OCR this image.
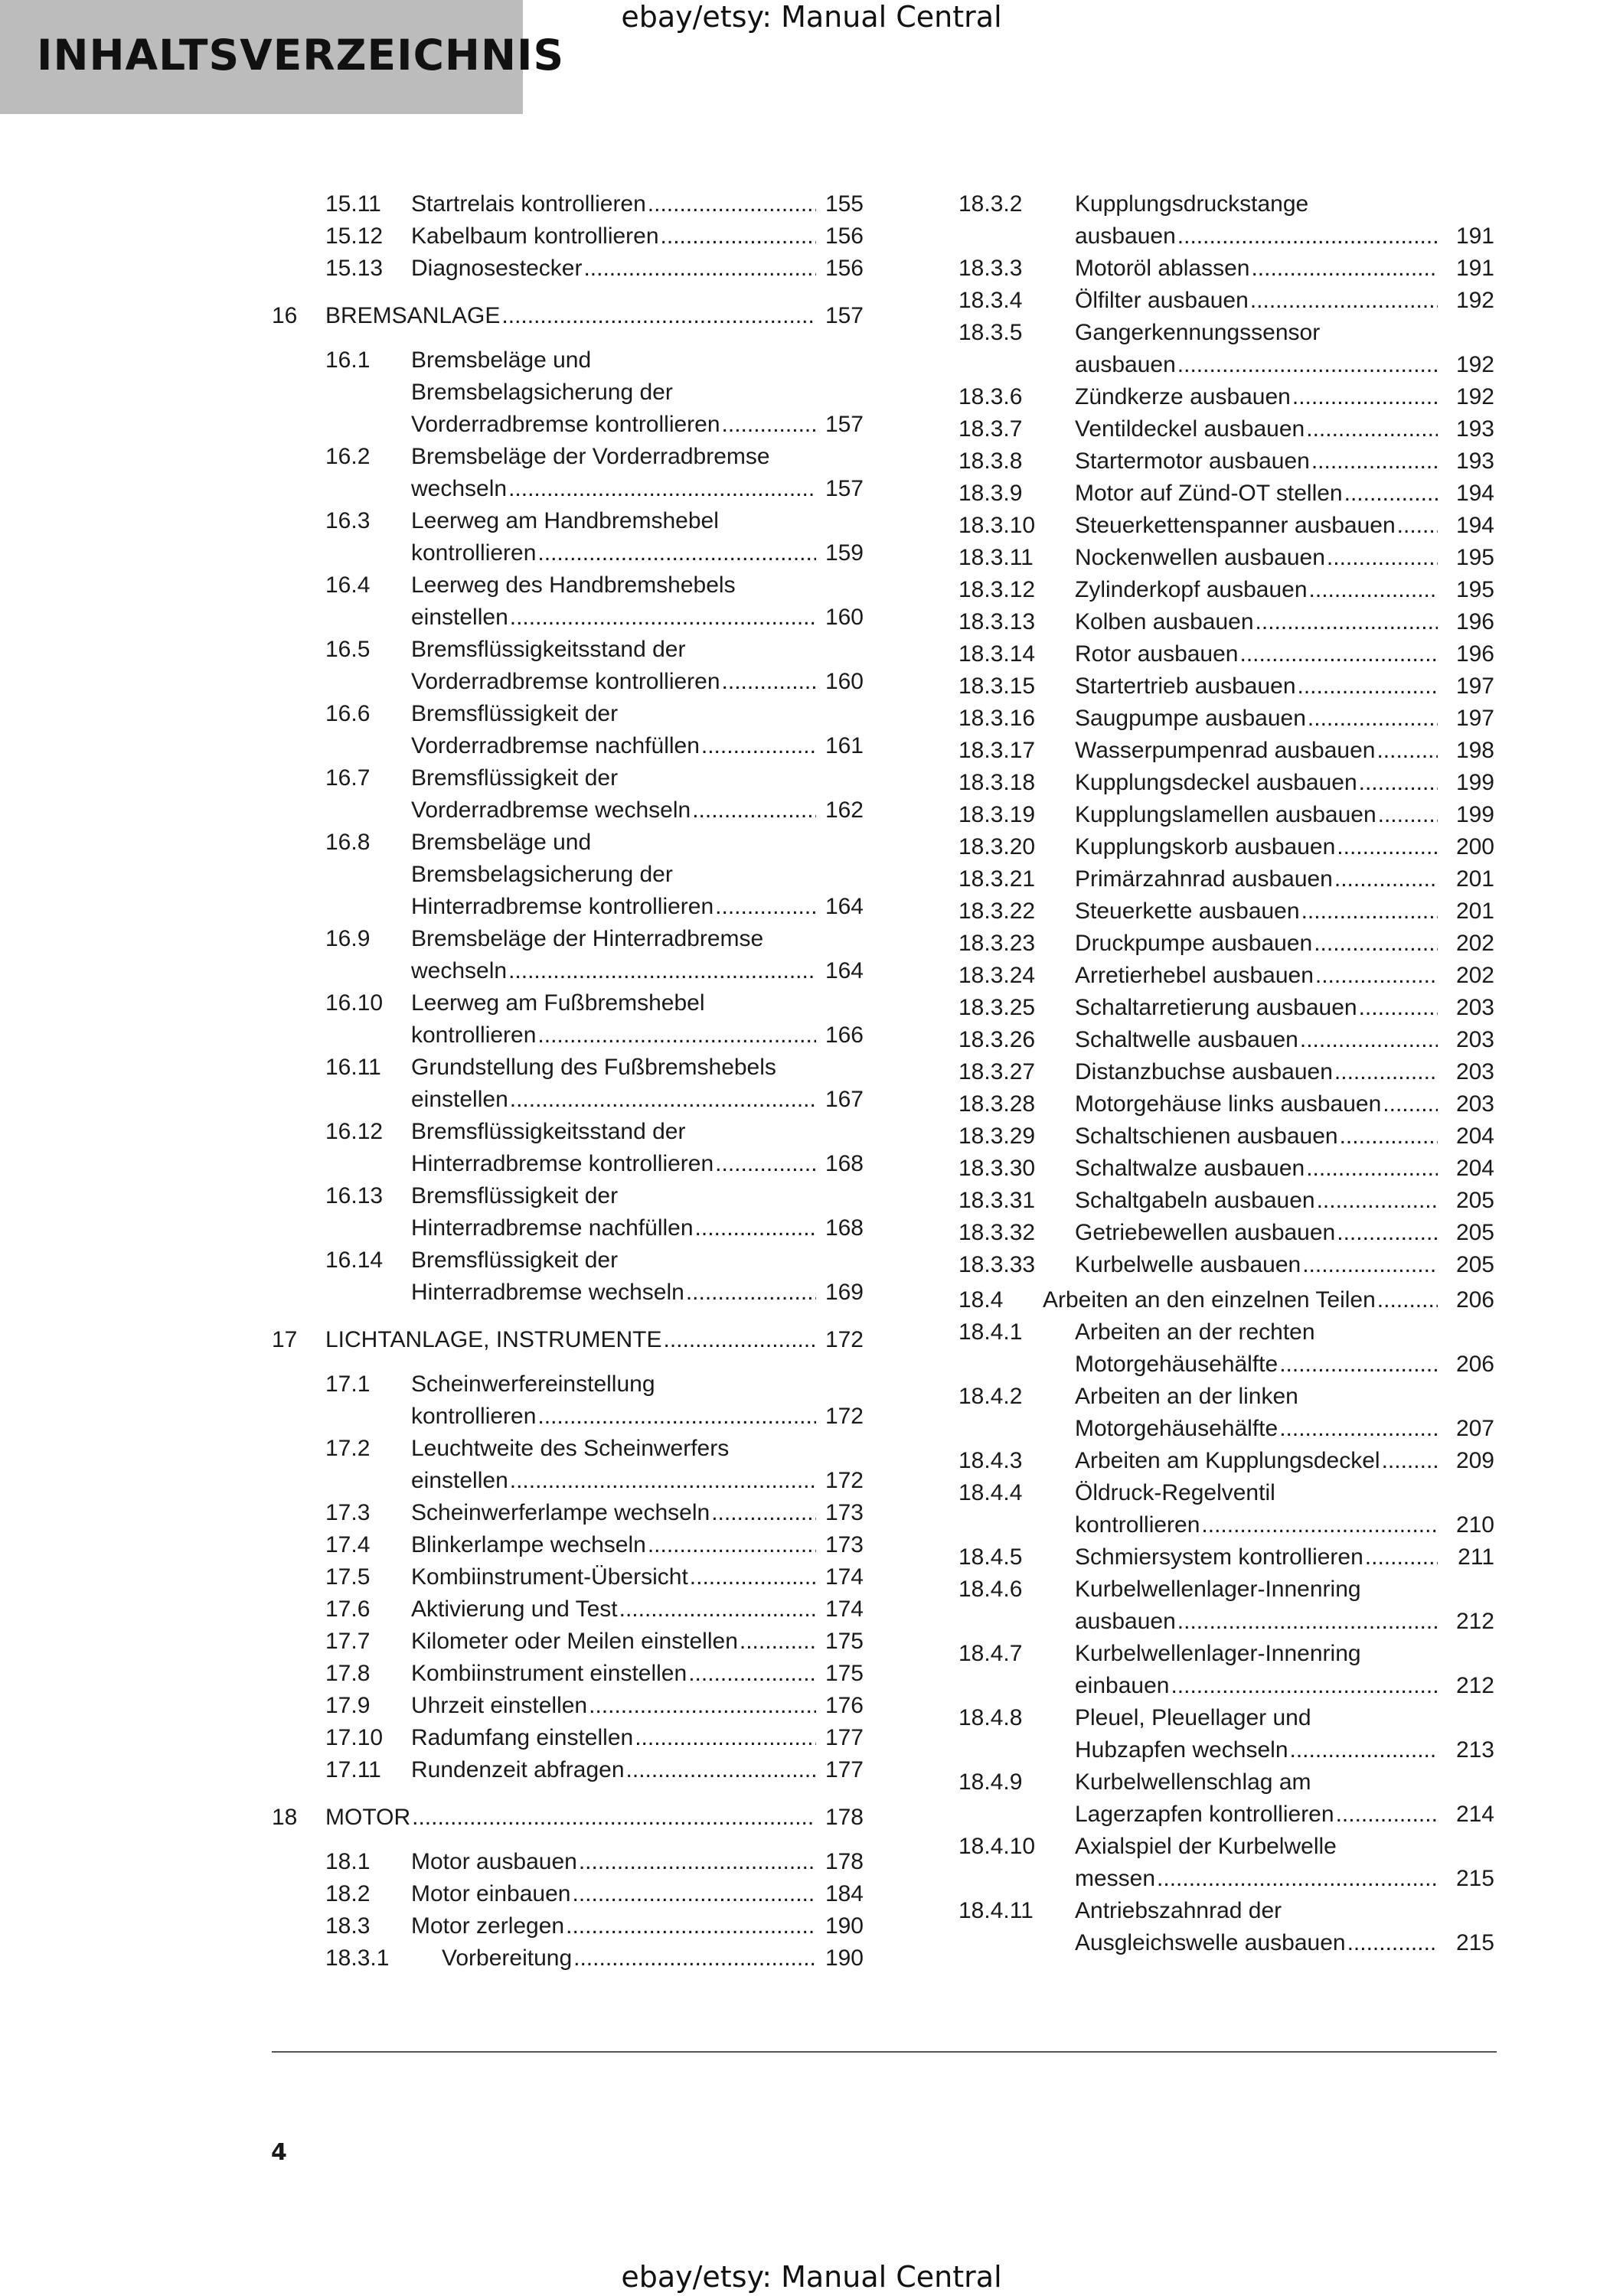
INHALTSVERZEICHNIS
ebay/etsy: Manual Central
15.11 Startrelais kontrollieren .....	155
15.12 Kabelbaum kontrollieren .....	156
15.13 Diagnosestecker .....	156
16 BREMSANLAGE .....	157
16.1 Bremsbeläge und
Bremsbelagsicherung der
Vorderradbremse kontrollieren .....	157
16.2 Bremsbeläge der Vorderradbremse
wechseln .....	157
16.3 Leerweg am Handbremshebel
kontrollieren .....	159
16.4 Leerweg des Handbremshebels
einstellen .....	160
16.5 Bremsflüssigkeitsstand der
Vorderradbremse kontrollieren .....	160
16.6 Bremsflüssigkeit der
Vorderradbremse nachfüllen .....	161
16.7 Bremsflüssigkeit der
Vorderradbremse wechseln .....	162
16.8 Bremsbeläge und
Bremsbelagsicherung der
Hinterradbremse kontrollieren .....	164
16.9 Bremsbeläge der Hinterradbremse
wechseln .....	164
16.10 Leerweg am Fußbremshebel
kontrollieren .....	166
16.11 Grundstellung des Fußbremshebels
einstellen .....	167
16.12 Bremsflüssigkeitsstand der
Hinterradbremse kontrollieren .....	168
16.13 Bremsflüssigkeit der
Hinterradbremse nachfüllen .....	168
16.14 Bremsflüssigkeit der
Hinterradbremse wechseln .....	169
17 LICHTANLAGE, INSTRUMENTE .....	172
17.1 Scheinwerfereinstellung
kontrollieren .....	172
17.2 Leuchtweite des Scheinwerfers
einstellen .....	172
17.3 Scheinwerferlampe wechseln .....	173
17.4 Blinkerlampe wechseln .....	173
17.5 Kombiinstrument-Übersicht .....	174
17.6 Aktivierung und Test .....	174
17.7 Kilometer oder Meilen einstellen .....	175
17.8 Kombiinstrument einstellen .....	175
17.9 Uhrzeit einstellen .....	176
17.10 Radumfang einstellen .....	177
17.11 Rundenzeit abfragen .....	177
18 MOTOR .....	178
18.1 Motor ausbauen .....	178
18.2 Motor einbauen .....	184
18.3 Motor zerlegen .....	190
18.3.1 Vorbereitung .....	190
18.3.2 Kupplungsdruckstange
ausbauen .....	191
18.3.3 Motoröl ablassen .....	191
18.3.4 Ölfilter ausbauen .....	192
18.3.5 Gangerkennungssensor
ausbauen .....	192
18.3.6 Zündkerze ausbauen .....	192
18.3.7 Ventildeckel ausbauen .....	193
18.3.8 Startermotor ausbauen .....	193
18.3.9 Motor auf Zünd-OT stellen .....	194
18.3.10 Steuerkettenspanner ausbauen .....	194
18.3.11 Nockenwellen ausbauen .....	195
18.3.12 Zylinderkopf ausbauen .....	195
18.3.13 Kolben ausbauen .....	196
18.3.14 Rotor ausbauen .....	196
18.3.15 Startertrieb ausbauen .....	197
18.3.16 Saugpumpe ausbauen .....	197
18.3.17 Wasserpumpenrad ausbauen .....	198
18.3.18 Kupplungsdeckel ausbauen .....	199
18.3.19 Kupplungslamellen ausbauen .....	199
18.3.20 Kupplungskorb ausbauen .....	200
18.3.21 Primärzahnrad ausbauen .....	201
18.3.22 Steuerkette ausbauen .....	201
18.3.23 Druckpumpe ausbauen .....	202
18.3.24 Arretierhebel ausbauen .....	202
18.3.25 Schaltarretierung ausbauen .....	203
18.3.26 Schaltwelle ausbauen .....	203
18.3.27 Distanzbuchse ausbauen .....	203
18.3.28 Motorgehäuse links ausbauen .....	203
18.3.29 Schaltschienen ausbauen .....	204
18.3.30 Schaltwalze ausbauen .....	204
18.3.31 Schaltgabeln ausbauen .....	205
18.3.32 Getriebewellen ausbauen .....	205
18.3.33 Kurbelwelle ausbauen .....	205
18.4 Arbeiten an den einzelnen Teilen .....	206
18.4.1 Arbeiten an der rechten
Motorgehäusehälfte .....	206
18.4.2 Arbeiten an der linken
Motorgehäusehälfte .....	207
18.4.3 Arbeiten am Kupplungsdeckel .....	209
18.4.4 Öldruck-Regelventil
kontrollieren .....	210
18.4.5 Schmiersystem kontrollieren .....	211
18.4.6 Kurbelwellenlager-Innenring
ausbauen .....	212
18.4.7 Kurbelwellenlager-Innenring
einbauen .....	212
18.4.8 Pleuel, Pleuellager und
Hubzapfen wechseln .....	213
18.4.9 Kurbelwellenschlag am
Lagerzapfen kontrollieren .....	214
18.4.10 Axialspiel der Kurbelwelle
messen .....	215
18.4.11 Antriebszahnrad der
Ausgleichswelle ausbauen .....	215
4
ebay/etsy: Manual Central
